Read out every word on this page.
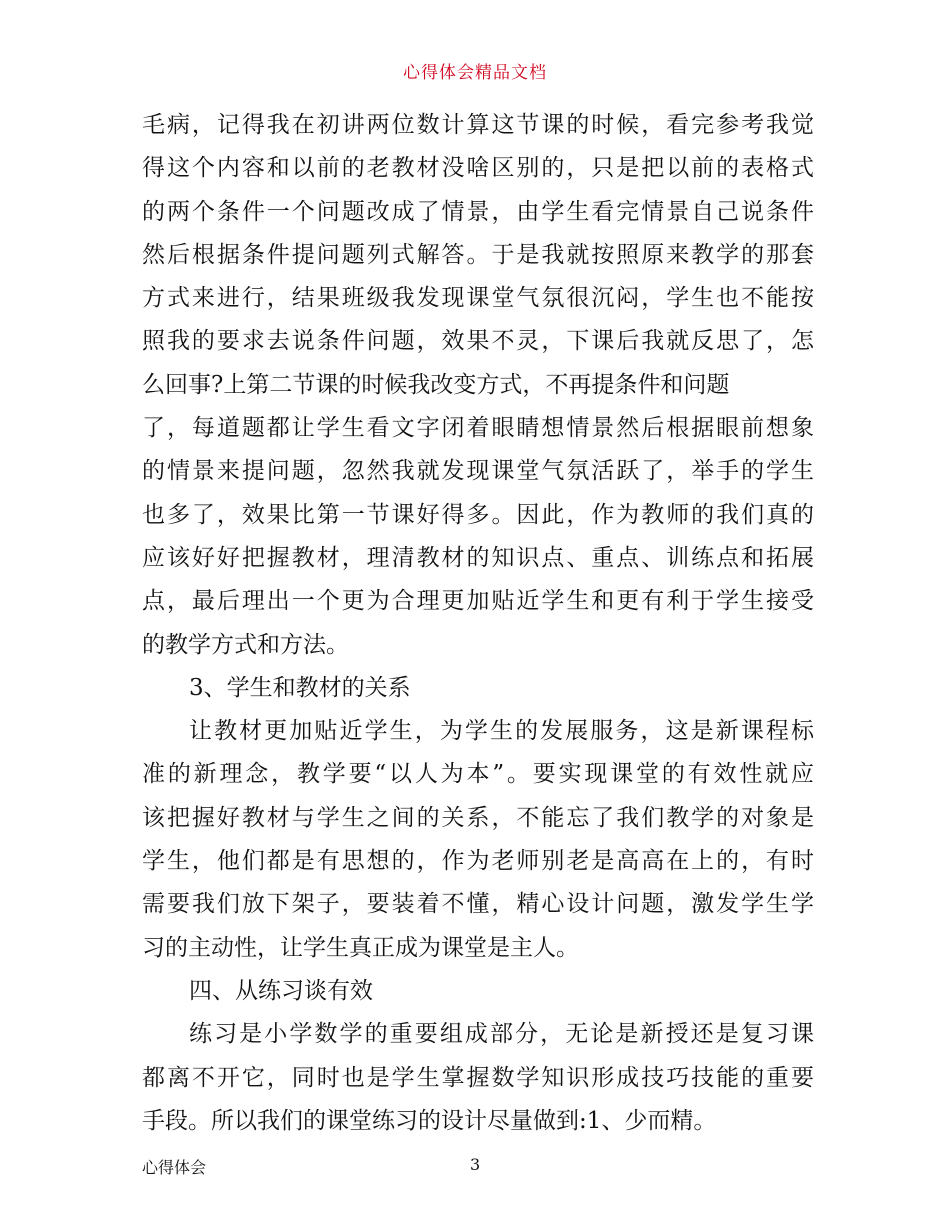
心得体会精品文档
毛病，记得我在初讲两位数计算这节课的时候，看完参考我觉
得这个内容和以前的老教材没啥区别的，只是把以前的表格式
的两个条件一个问题改成了情景，由学生看完情景自己说条件
然后根据条件提问题列式解答。于是我就按照原来教学的那套
方式来进行，结果班级我发现课堂气氛很沉闷，学生也不能按
照我的要求去说条件问题，效果不灵，下课后我就反思了，怎
么回事?上第二节课的时候我改变方式，不再提条件和问题
了，每道题都让学生看文字闭着眼睛想情景然后根据眼前想象
的情景来提问题，忽然我就发现课堂气氛活跃了，举手的学生
也多了，效果比第一节课好得多。因此，作为教师的我们真的
应该好好把握教材，理清教材的知识点、重点、训练点和拓展
点，最后理出一个更为合理更加贴近学生和更有利于学生接受
的教学方式和方法。
3、学生和教材的关系
让教材更加贴近学生，为学生的发展服务，这是新课程标
准的新理念，教学要“以人为本”。要实现课堂的有效性就应
该把握好教材与学生之间的关系，不能忘了我们教学的对象是
学生，他们都是有思想的，作为老师别老是高高在上的，有时
需要我们放下架子，要装着不懂，精心设计问题，激发学生学
习的主动性，让学生真正成为课堂是主人。
四、从练习谈有效
练习是小学数学的重要组成部分，无论是新授还是复习课
都离不开它，同时也是学生掌握数学知识形成技巧技能的重要
手段。所以我们的课堂练习的设计尽量做到:1、少而精。
心得体会	3
